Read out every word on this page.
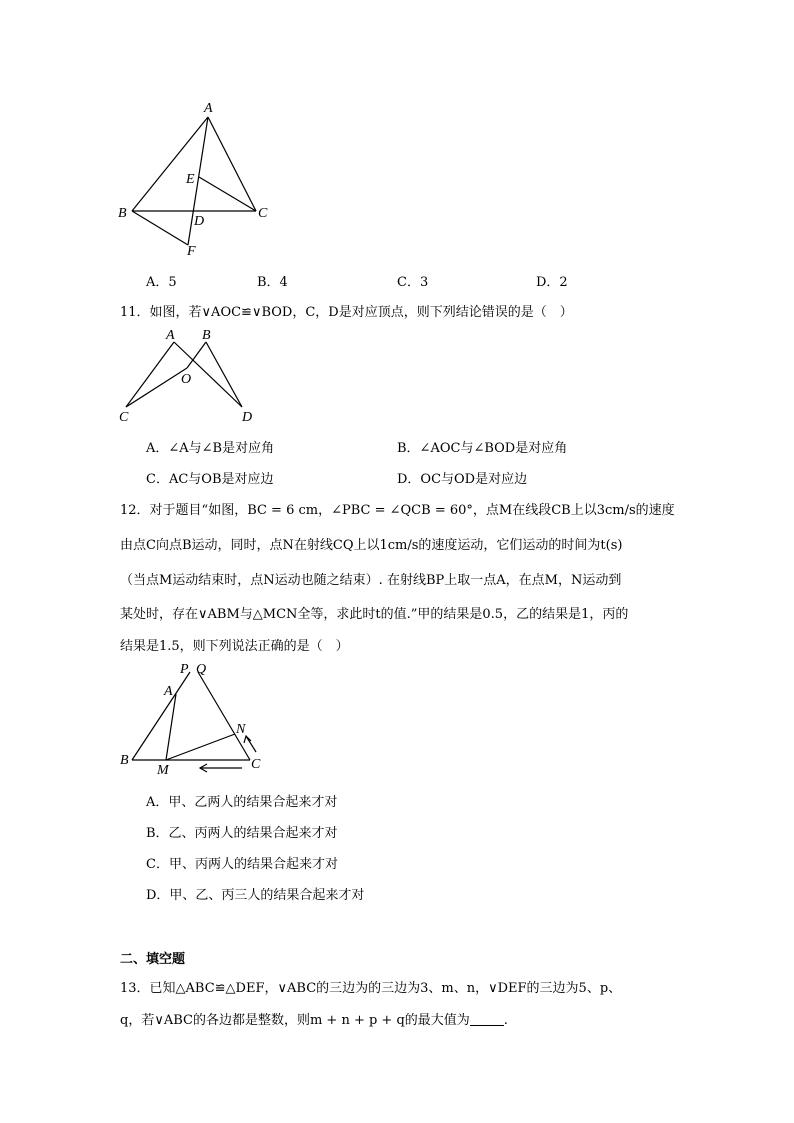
A
E
B
D
C
F
A．5	B．4	C．3	D．2
11．如图，若∨AOC≌∨BOD，C，D是对应顶点，则下列结论错误的是（　）
A B
O
C	D
A．∠A与∠B是对应角	B．∠AOC与∠BOD是对应角
C．AC与OB是对应边	D．OC与OD是对应边
12．对于题目“如图，BC = 6 cm，∠PBC = ∠QCB = 60°，点M在线段CB上以3cm/s的速度
由点C向点B运动，同时，点N在射线CQ上以1cm/s的速度运动，它们运动的时间为t(s)
（当点M运动结束时，点N运动也随之结束）. 在射线BP上取一点A，在点M，N运动到
某处时，存在∨ABM与△MCN全等，求此时t的值.”甲的结果是0.5，乙的结果是1，丙的
结果是1.5，则下列说法正确的是（　）
P Q
A
N
B
M	C
A．甲、乙两人的结果合起来才对
B．乙、丙两人的结果合起来才对
C．甲、丙两人的结果合起来才对
D．甲、乙、丙三人的结果合起来才对
二、填空题
13．已知△ABC≌△DEF，∨ABC的三边为的三边为3、m、n，∨DEF的三边为5、p、
q，若∨ABC的各边都是整数，则m + n + p + q的最大值为	.
